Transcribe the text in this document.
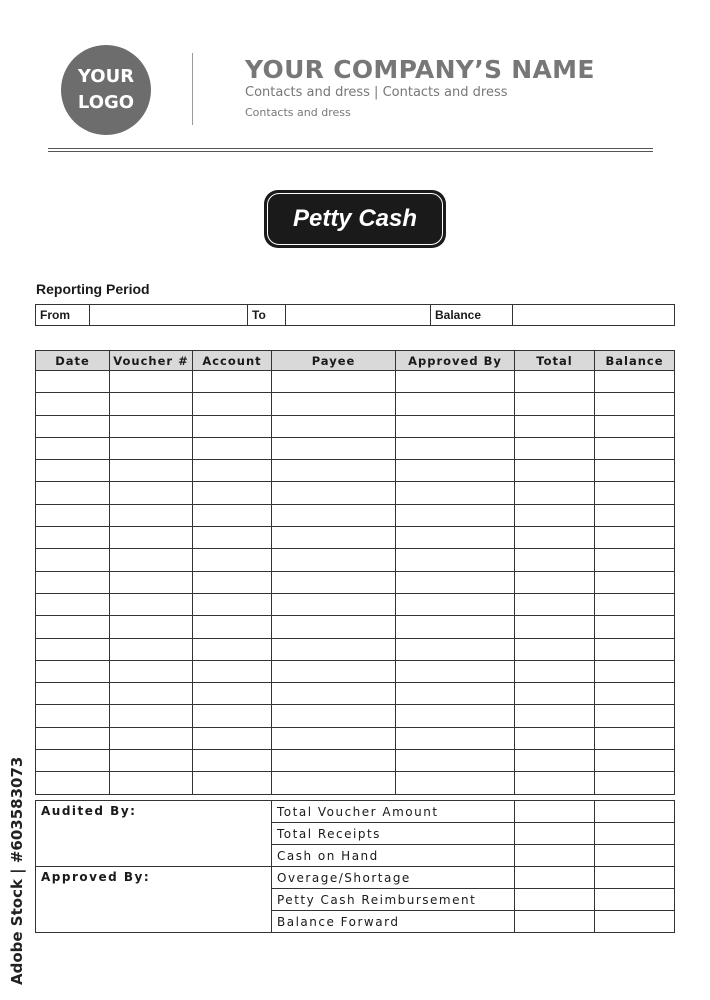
YOUR
LOGO
YOUR COMPANY’S NAME
Contacts and dress | Contacts and dress
Contacts and dress
Petty Cash
Reporting Period
From		To		Balance	
Date	Voucher #	Account	Payee	Approved By	Total	Balance

Audited By:	Total Voucher Amount		
	Total Receipts		
	Cash on Hand		
Approved By:	Overage/Shortage		
	Petty Cash Reimbursement		
	Balance Forward		
Adobe Stock | #603583073
